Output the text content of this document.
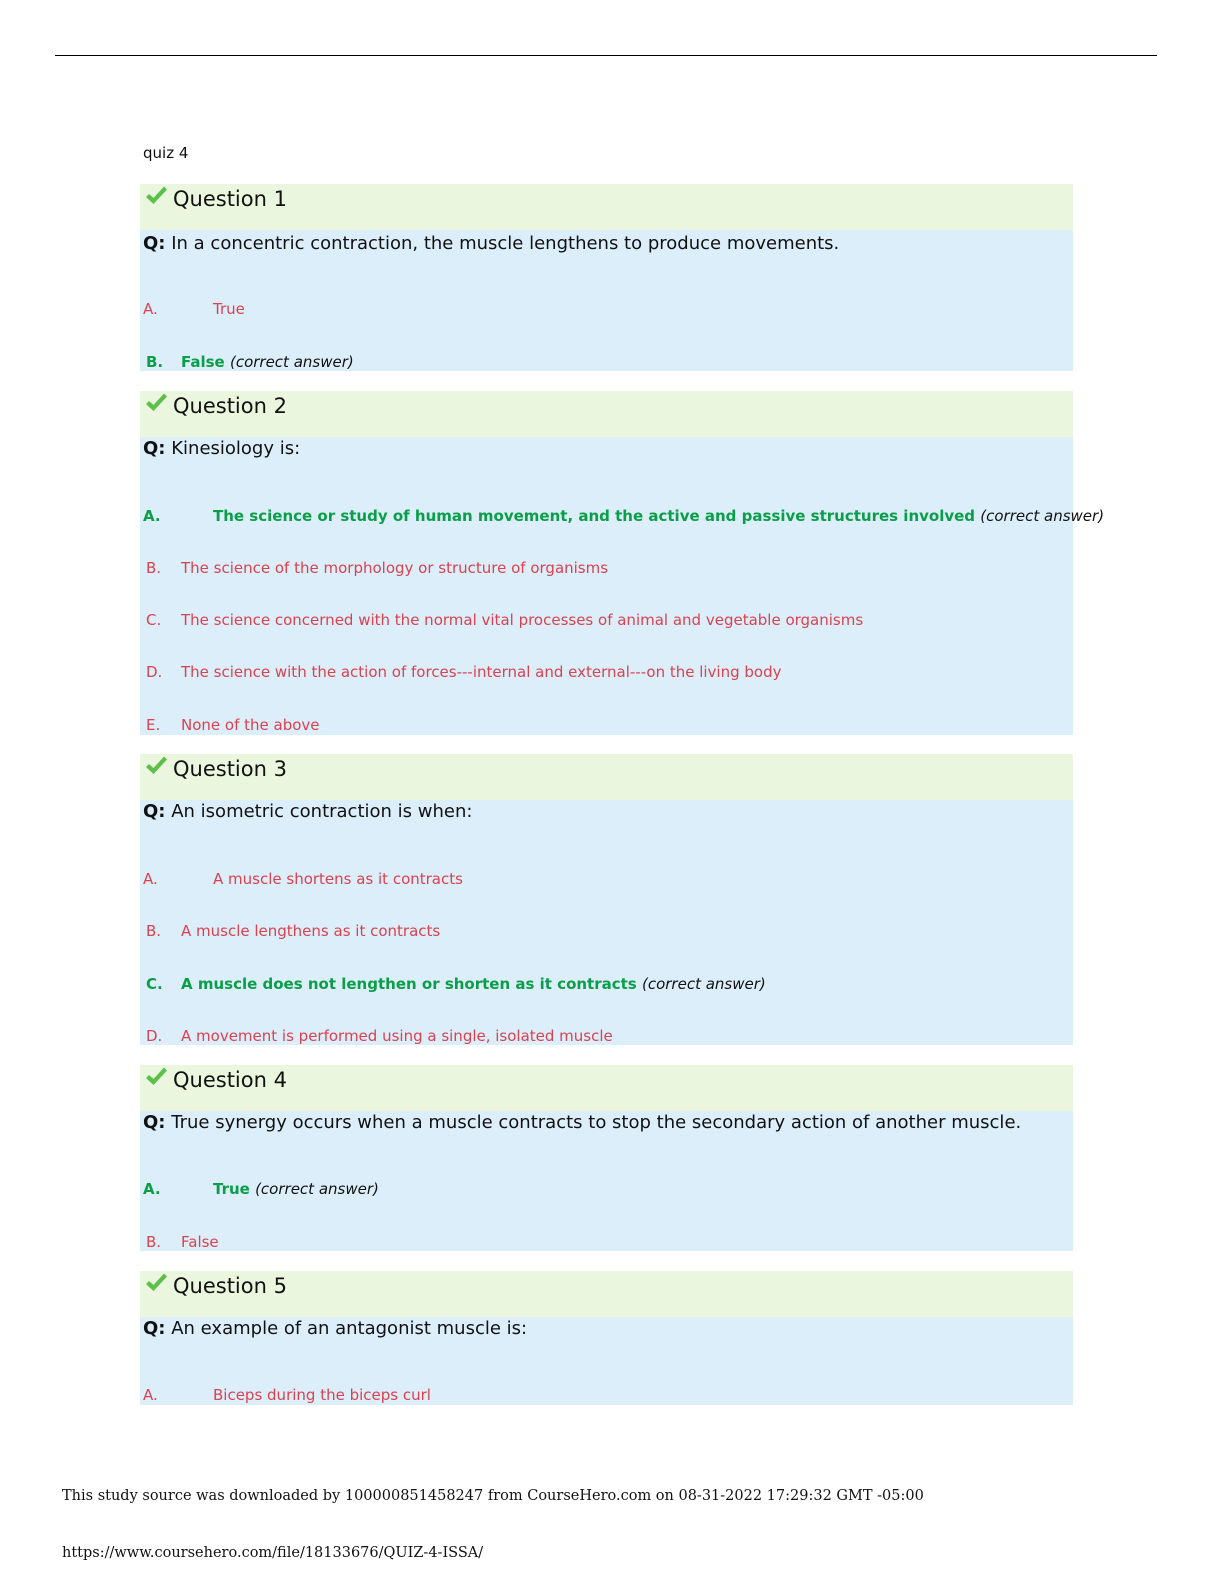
quiz 4
Question 1
Q: In a concentric contraction, the muscle lengthens to produce movements.
A.	True
B. False (correct answer)
Question 2
Q: Kinesiology is:
A.	The science or study of human movement, and the active and passive structures involved (correct answer)
B. The science of the morphology or structure of organisms
C. The science concerned with the normal vital processes of animal and vegetable organisms
D. The science with the action of forces---internal and external---on the living body
E. None of the above
Question 3
Q: An isometric contraction is when:
A.	A muscle shortens as it contracts
B. A muscle lengthens as it contracts
C. A muscle does not lengthen or shorten as it contracts (correct answer)
D. A movement is performed using a single, isolated muscle
Question 4
Q: True synergy occurs when a muscle contracts to stop the secondary action of another muscle.
A.	True (correct answer)
B. False
Question 5
Q: An example of an antagonist muscle is:
A.	Biceps during the biceps curl
This study source was downloaded by 100000851458247 from CourseHero.com on 08-31-2022 17:29:32 GMT -05:00
https://www.coursehero.com/file/18133676/QUIZ-4-ISSA/
